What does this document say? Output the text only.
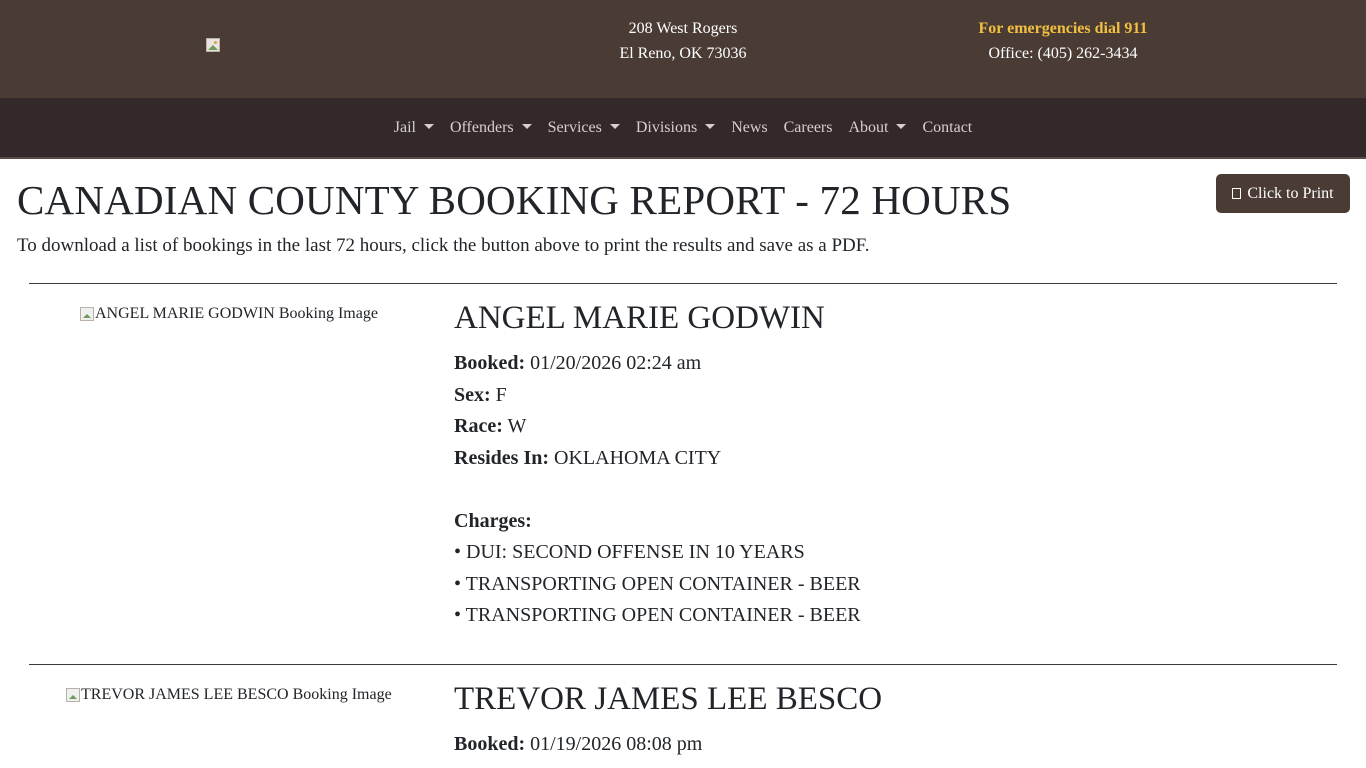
208 West Rogers
El Reno, OK 73036
For emergencies dial 911
Office: (405) 262-3434
Jail Offenders Services Divisions News Careers About Contact
CANADIAN COUNTY BOOKING REPORT - 72 HOURS

To download a list of bookings in the last 72 hours, click the button above to print the results and save as a PDF.

Click to Print
ANGEL MARIE GODWIN Booking Image ANGEL MARIE GODWIN
Booked: 01/20/2026 02:24 am
Sex: F
Race: W
Resides In: OKLAHOMA CITY
Charges:
• DUI: SECOND OFFENSE IN 10 YEARS
• TRANSPORTING OPEN CONTAINER - BEER
• TRANSPORTING OPEN CONTAINER - BEER
TREVOR JAMES LEE BESCO Booking Image TREVOR JAMES LEE BESCO
Booked: 01/19/2026 08:08 pm
